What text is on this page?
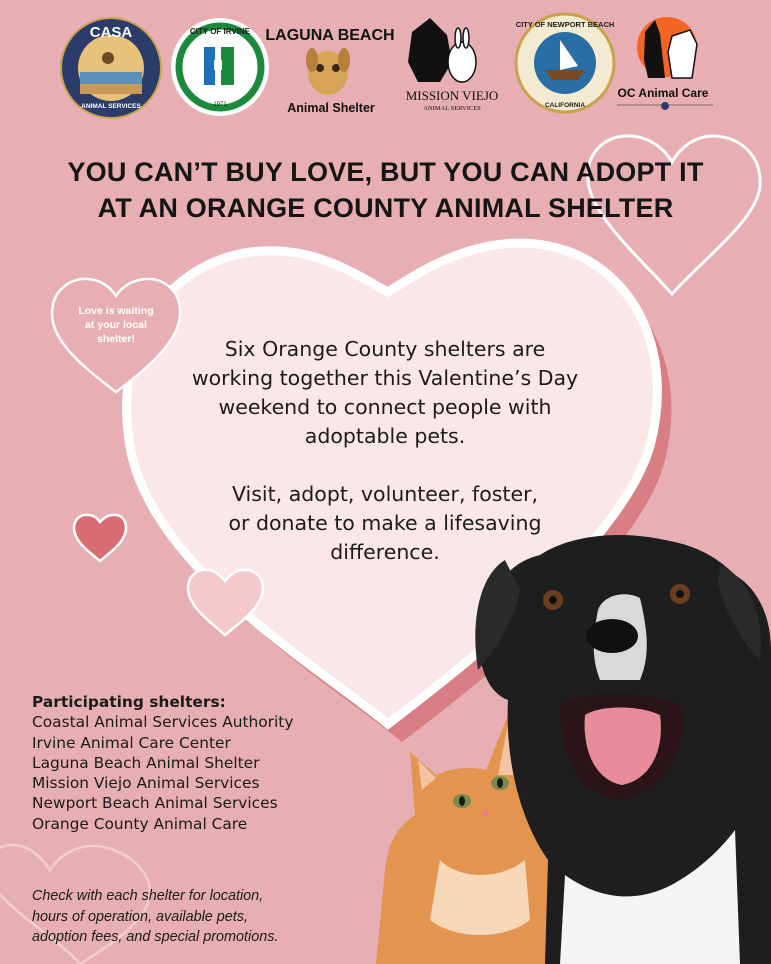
CASA
ANIMAL SERVICES
CITY OF IRVINE
1971
LAGUNA BEACH
Animal Shelter
MISSION VIEJO
ANIMAL SERVICES
CITY OF NEWPORT BEACH
CALIFORNIA
OC Animal Care
YOU CAN’T BUY LOVE, BUT YOU CAN ADOPT IT
AT AN ORANGE COUNTY ANIMAL SHELTER
Love is waiting
at your local
shelter!	Six Orange County shelters are
working together this Valentine’s Day
weekend to connect people with
adoptable pets.

Visit, adopt, volunteer, foster,
or donate to make a lifesaving
difference.

Participating shelters:
Coastal Animal Services Authority
Irvine Animal Care Center
Laguna Beach Animal Shelter
Mission Viejo Animal Services
Newport Beach Animal Services
Orange County Animal Care
Check with each shelter for location,
hours of operation, available pets,
adoption fees, and special promotions.
